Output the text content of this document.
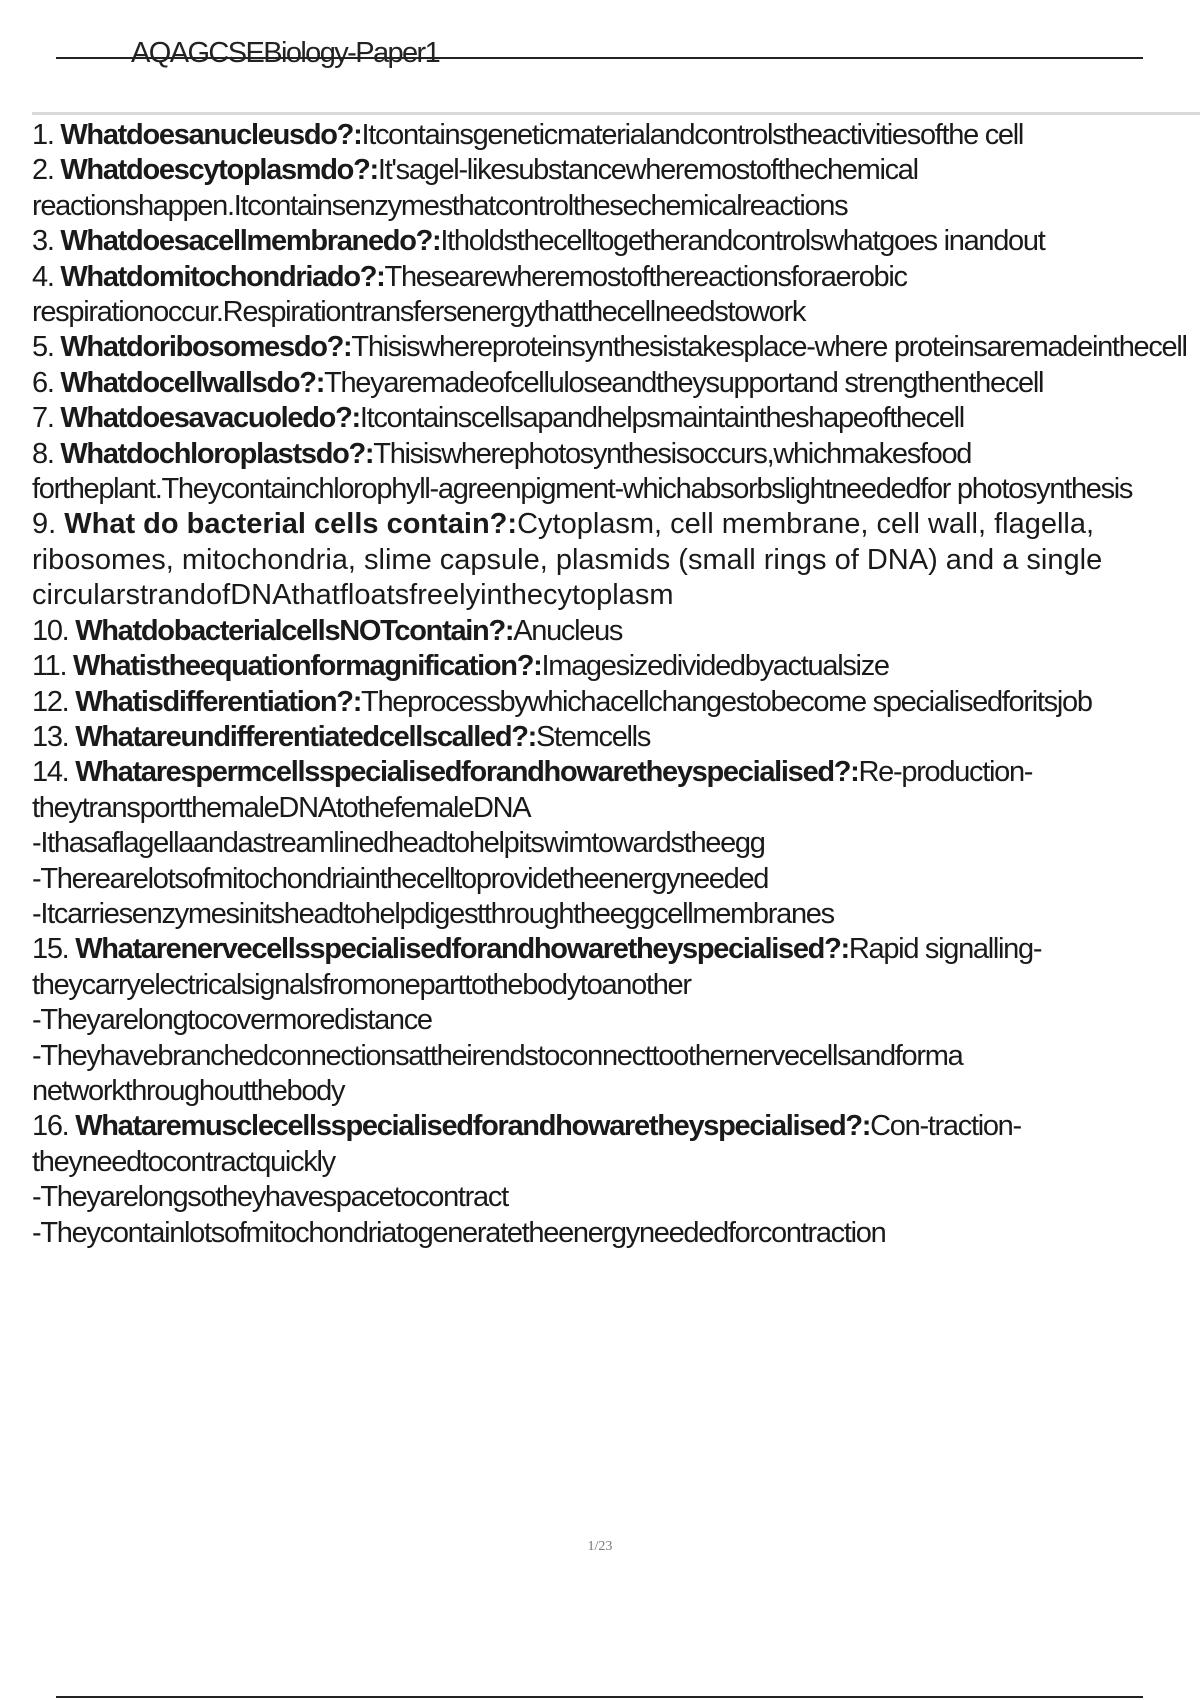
AQAGCSEBiology-Paper1
1. Whatdoesanucleusdo?:Itcontainsgeneticmaterialandcontrolstheactivitiesofthe cell
2. Whatdoescytoplasmdo?:It'sagel-likesubstancewheremostofthechemical reactionshappen.Itcontainsenzymesthatcontrolthesechemicalreactions
3. Whatdoesacellmembranedo?:Itholdsthecelltogetherandcontrolswhatgoes inandout
4. Whatdomitochondriado?:Thesearewheremostofthereactionsforaerobic respirationoccur.Respirationtransfersenergythatthecellneedstowork
5. Whatdoribosomesdo?:Thisiswhereproteinsynthesistakesplace-where proteinsaremadeinthecell
6. Whatdocellwallsdo?:Theyaremadeofcelluloseandtheysupportand strengthenthecell
7. Whatdoesavacuoledo?:Itcontainscellsapandhelpsmaintaintheshapeofthecell
8. Whatdochloroplastsdo?:Thisiswherephotosynthesisoccurs,whichmakesfood fortheplant.Theycontainchlorophyll-agreenpigment-whichabsorbslightneededfor photosynthesis
9. What do bacterial cells contain?:Cytoplasm, cell membrane, cell wall, flagella, ribosomes, mitochondria, slime capsule, plasmids (small rings of DNA) and a single circularstrandofDNAthatfloatsfreelyinthecytoplasm
10. WhatdobacterialcellsNOTcontain?:Anucleus
11. Whatistheequationformagnification?:Imagesizedividedbyactualsize
12. Whatisdifferentiation?:Theprocessbywhichacellchangestobecome specialisedforitsjob
13. Whatareundifferentiatedcellscalled?:Stemcells
14. Whatarespermcellsspecialisedforandhowaretheyspecialised?:Re-production-theytransportthemaleDNAtothefemaleDNA
-Ithasaflagellaandastreamlinedheadtohelpitswimtowardstheegg
-Therearelotsofmitochondriainthecelltoprovidetheenergyneeded
-Itcarriesenzymesinitsheadtohelpdigestthroughtheeggcellmembranes
15. Whatarenervecellsspecialisedforandhowaretheyspecialised?:Rapid signalling-theycarryelectricalsignalsfromoneparttothebodytoanother
-Theyarelongtocovermoredistance
-Theyhavebranchedconnectionsattheirendstoconnecttoothernervecellsandforma networkthroughoutthebody
16. Whataremusclecellsspecialisedforandhowaretheyspecialised?:Con-traction-theyneedtocontractquickly
-Theyarelongsotheyhavespacetocontract
-Theycontainlotsofmitochondriatogeneratetheenergyneededforcontraction
1/23
